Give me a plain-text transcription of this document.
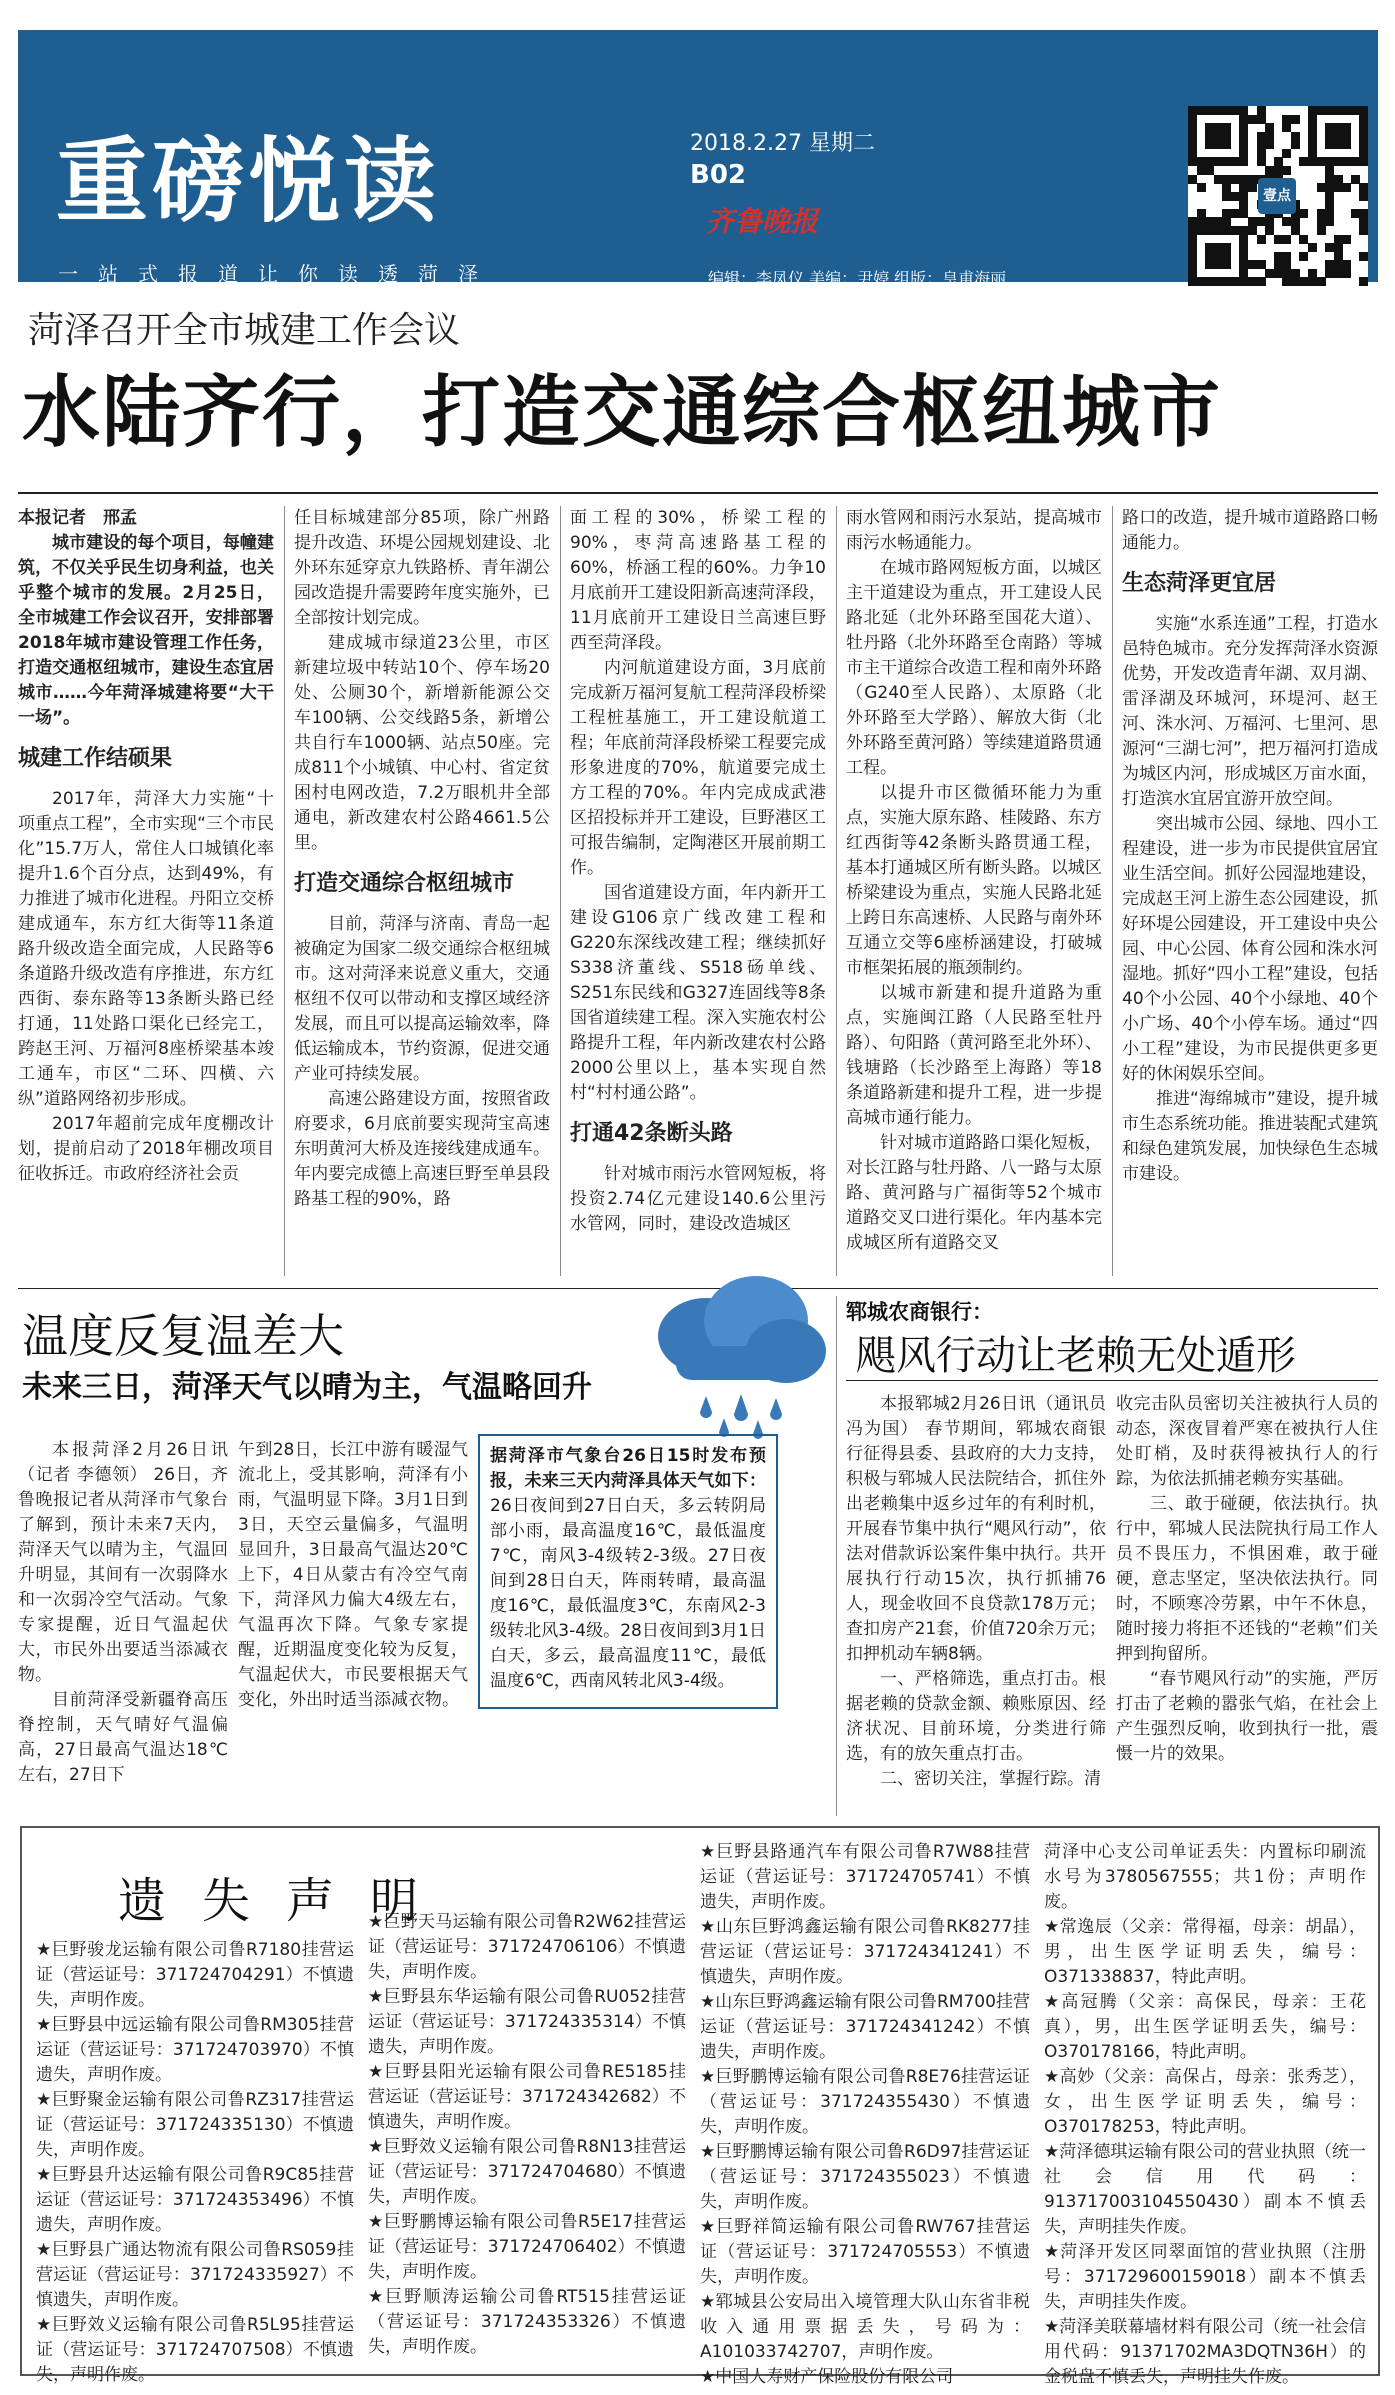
重磅悦读
一站式报道让你读透菏泽
2018.2.27 星期二
B02
齐鲁晚报
编辑：李凤仪 美编：尹婷 组版：皇甫海丽
壹点
菏泽召开全市城建工作会议
水陆齐行，打造交通综合枢纽城市

本报记者　邢孟

城市建设的每个项目，每幢建筑，不仅关乎民生切身利益，也关乎整个城市的发展。2月25日，全市城建工作会议召开，安排部署2018年城市建设管理工作任务，打造交通枢纽城市，建设生态宜居城市……今年菏泽城建将要“大干一场”。

城建工作结硕果

2017年，菏泽大力实施“十项重点工程”，全市实现“三个市民化”15.7万人，常住人口城镇化率提升1.6个百分点，达到49%，有力推进了城市化进程。丹阳立交桥建成通车，东方红大街等11条道路升级改造全面完成，人民路等6条道路升级改造有序推进，东方红西街、泰东路等13条断头路已经打通，11处路口渠化已经完工，跨赵王河、万福河8座桥梁基本竣工通车，市区“二环、四横、六纵”道路网络初步形成。

2017年超前完成年度棚改计划，提前启动了2018年棚改项目征收拆迁。市政府经济社会贡

任目标城建部分85项，除广州路提升改造、环堤公园规划建设、北外环东延穿京九铁路桥、青年湖公园改造提升需要跨年度实施外，已全部按计划完成。

建成城市绿道23公里，市区新建垃圾中转站10个、停车场20处、公厕30个，新增新能源公交车100辆、公交线路5条，新增公共自行车1000辆、站点50座。完成811个小城镇、中心村、省定贫困村电网改造，7.2万眼机井全部通电，新改建农村公路4661.5公里。

打造交通综合枢纽城市

目前，菏泽与济南、青岛一起被确定为国家二级交通综合枢纽城市。这对菏泽来说意义重大，交通枢纽不仅可以带动和支撑区域经济发展，而且可以提高运输效率，降低运输成本，节约资源，促进交通产业可持续发展。

高速公路建设方面，按照省政府要求，6月底前要实现菏宝高速东明黄河大桥及连接线建成通车。年内要完成德上高速巨野至单县段路基工程的90%，路

面工程的30%，桥梁工程的90%，枣菏高速路基工程的60%，桥涵工程的60%。力争10月底前开工建设阳新高速菏泽段，11月底前开工建设日兰高速巨野西至菏泽段。

内河航道建设方面，3月底前完成新万福河复航工程菏泽段桥梁工程桩基施工，开工建设航道工程；年底前菏泽段桥梁工程要完成形象进度的70%，航道要完成土方工程的70%。年内完成成武港区招投标并开工建设，巨野港区工可报告编制，定陶港区开展前期工作。

国省道建设方面，年内新开工建设G106京广线改建工程和G220东深线改建工程；继续抓好S338济董线、S518砀单线、S251东民线和G327连固线等8条国省道续建工程。深入实施农村公路提升工程，年内新改建农村公路2000公里以上，基本实现自然村“村村通公路”。

打通42条断头路

针对城市雨污水管网短板，将投资2.74亿元建设140.6公里污水管网，同时，建设改造城区

雨水管网和雨污水泵站，提高城市雨污水畅通能力。

在城市路网短板方面，以城区主干道建设为重点，开工建设人民路北延（北外环路至国花大道）、牡丹路（北外环路至仓南路）等城市主干道综合改造工程和南外环路（G240至人民路）、太原路（北外环路至大学路）、解放大街（北外环路至黄河路）等续建道路贯通工程。

以提升市区微循环能力为重点，实施大原东路、桂陵路、东方红西街等42条断头路贯通工程，基本打通城区所有断头路。以城区桥梁建设为重点，实施人民路北延上跨日东高速桥、人民路与南外环互通立交等6座桥涵建设，打破城市框架拓展的瓶颈制约。

以城市新建和提升道路为重点，实施闽江路（人民路至牡丹路）、句阳路（黄河路至北外环）、钱塘路（长沙路至上海路）等18条道路新建和提升工程，进一步提高城市通行能力。

针对城市道路路口渠化短板，对长江路与牡丹路、八一路与太原路、黄河路与广福街等52个城市道路交叉口进行渠化。年内基本完成城区所有道路交叉

路口的改造，提升城市道路路口畅通能力。

生态菏泽更宜居

实施“水系连通”工程，打造水邑特色城市。充分发挥菏泽水资源优势，开发改造青年湖、双月湖、雷泽湖及环城河，环堤河、赵王河、洙水河、万福河、七里河、思源河“三湖七河”，把万福河打造成为城区内河，形成城区万亩水面，打造滨水宜居宜游开放空间。

突出城市公园、绿地、四小工程建设，进一步为市民提供宜居宜业生活空间。抓好公园湿地建设，完成赵王河上游生态公园建设，抓好环堤公园建设，开工建设中央公园、中心公园、体育公园和洙水河湿地。抓好“四小工程”建设，包括40个小公园、40个小绿地、40个小广场、40个小停车场。通过“四小工程”建设，为市民提供更多更好的休闲娱乐空间。

推进“海绵城市”建设，提升城市生态系统功能。推进装配式建筑和绿色建筑发展，加快绿色生态城市建设。

温度反复温差大
未来三日，菏泽天气以晴为主，气温略回升

本报菏泽2月26日讯（记者 李德领） 26日，齐鲁晚报记者从菏泽市气象台了解到，预计未来7天内，菏泽天气以晴为主，气温回升明显，其间有一次弱降水和一次弱冷空气活动。气象专家提醒，近日气温起伏大，市民外出要适当添减衣物。

目前菏泽受新疆脊高压脊控制，天气晴好气温偏高，27日最高气温达18℃左右，27日下

午到28日，长江中游有暖湿气流北上，受其影响，菏泽有小雨，气温明显下降。3月1日到3日，天空云量偏多，气温明显回升，3日最高气温达20℃上下，4日从蒙古有冷空气南下，菏泽风力偏大4级左右，气温再次下降。气象专家提醒，近期温度变化较为反复，气温起伏大，市民要根据天气变化，外出时适当添减衣物。

据菏泽市气象台26日15时发布预报，未来三天内菏泽具体天气如下：26日夜间到27日白天，多云转阴局部小雨，最高温度16℃，最低温度7℃，南风3-4级转2-3级。27日夜间到28日白天，阵雨转晴，最高温度16℃，最低温度3℃，东南风2-3级转北风3-4级。28日夜间到3月1日白天，多云，最高温度11℃，最低温度6℃，西南风转北风3-4级。
郓城农商银行：
飓风行动让老赖无处遁形

本报郓城2月26日讯（通讯员 冯为国） 春节期间，郓城农商银行征得县委、县政府的大力支持，积极与郓城人民法院结合，抓住外出老赖集中返乡过年的有利时机，开展春节集中执行“飓风行动”，依法对借款诉讼案件集中执行。共开展执行行动15次，执行抓捕76人，现金收回不良贷款178万元；查扣房产21套，价值720余万元；扣押机动车辆8辆。

一、严格筛选，重点打击。根据老赖的贷款金额、赖账原因、经济状况、目前环境，分类进行筛选，有的放矢重点打击。

二、密切关注，掌握行踪。清

收完击队员密切关注被执行人员的动态，深夜冒着严寒在被执行人住处盯梢，及时获得被执行人的行踪，为依法抓捕老赖夯实基础。

三、敢于碰硬，依法执行。执行中，郓城人民法院执行局工作人员不畏压力，不惧困难，敢于碰硬，意志坚定，坚决依法执行。同时，不顾寒冷劳累，中午不休息，随时接力将拒不还钱的“老赖”们关押到拘留所。

“春节飓风行动”的实施，严厉打击了老赖的嚣张气焰，在社会上产生强烈反响，收到执行一批，震慑一片的效果。

遗失声明
★巨野骏龙运输有限公司鲁R7180挂营运证（营运证号：371724704291）不慎遗失，声明作废。
★巨野县中远运输有限公司鲁RM305挂营运证（营运证号：371724703970）不慎遗失，声明作废。
★巨野聚金运输有限公司鲁RZ317挂营运证（营运证号：371724335130）不慎遗失，声明作废。
★巨野县升达运输有限公司鲁R9C85挂营运证（营运证号：371724353496）不慎遗失，声明作废。
★巨野县广通达物流有限公司鲁RS059挂营运证（营运证号：371724335927）不慎遗失，声明作废。
★巨野效义运输有限公司鲁R5L95挂营运证（营运证号：371724707508）不慎遗失，声明作废。
★巨野天马运输有限公司鲁R2W62挂营运证（营运证号：371724706106）不慎遗失，声明作废。
★巨野县东华运输有限公司鲁RU052挂营运证（营运证号：371724335314）不慎遗失，声明作废。
★巨野县阳光运输有限公司鲁RE5185挂营运证（营运证号：371724342682）不慎遗失，声明作废。
★巨野效义运输有限公司鲁R8N13挂营运证（营运证号：371724704680）不慎遗失，声明作废。
★巨野鹏博运输有限公司鲁R5E17挂营运证（营运证号：371724706402）不慎遗失，声明作废。
★巨野顺涛运输公司鲁RT515挂营运证（营运证号：371724353326）不慎遗失，声明作废。
★巨野县路通汽车有限公司鲁R7W88挂营运证（营运证号：371724705741）不慎遗失，声明作废。
★山东巨野鸿鑫运输有限公司鲁RK8277挂营运证（营运证号：371724341241）不慎遗失，声明作废。
★山东巨野鸿鑫运输有限公司鲁RM700挂营运证（营运证号：371724341242）不慎遗失，声明作废。
★巨野鹏博运输有限公司鲁R8E76挂营运证（营运证号：371724355430）不慎遗失，声明作废。
★巨野鹏博运输有限公司鲁R6D97挂营运证（营运证号：371724355023）不慎遗失，声明作废。
★巨野祥简运输有限公司鲁RW767挂营运证（营运证号：371724705553）不慎遗失，声明作废。
★郓城县公安局出入境管理大队山东省非税收入通用票据丢失，号码为：A101033742707，声明作废。
★中国人寿财产保险股份有限公司
菏泽中心支公司单证丢失：内置标印刷流水号为3780567555；共1份；声明作废。
★常逸辰（父亲：常得福，母亲：胡晶），男，出生医学证明丢失，编号：O371338837，特此声明。
★高冠腾（父亲：高保民，母亲：王花真），男，出生医学证明丢失，编号：O370178166，特此声明。
★高妙（父亲：高保占，母亲：张秀芝），女，出生医学证明丢失，编号：O370178253，特此声明。
★菏泽德琪运输有限公司的营业执照（统一社会信用代码：913717003104550430）副本不慎丢失，声明挂失作废。
★菏泽开发区同翠面馆的营业执照（注册号：371729600159018）副本不慎丢失，声明挂失作废。
★菏泽美联幕墙材料有限公司（统一社会信用代码：91371702MA3DQTN36H）的金税盘不慎丢失，声明挂失作废。
